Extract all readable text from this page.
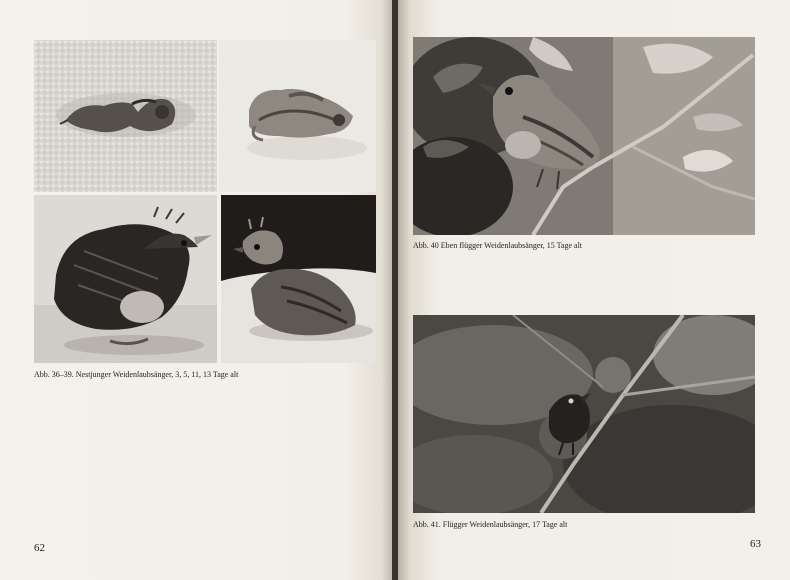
Abb. 36–39. Nestjunger Weidenlaubsänger, 3, 5, 11, 13 Tage alt
62
Abb. 40 Eben flügger Weidenlaubsänger, 15 Tage alt
Abb. 41. Flügger Weidenlaubsänger, 17 Tage alt
63
